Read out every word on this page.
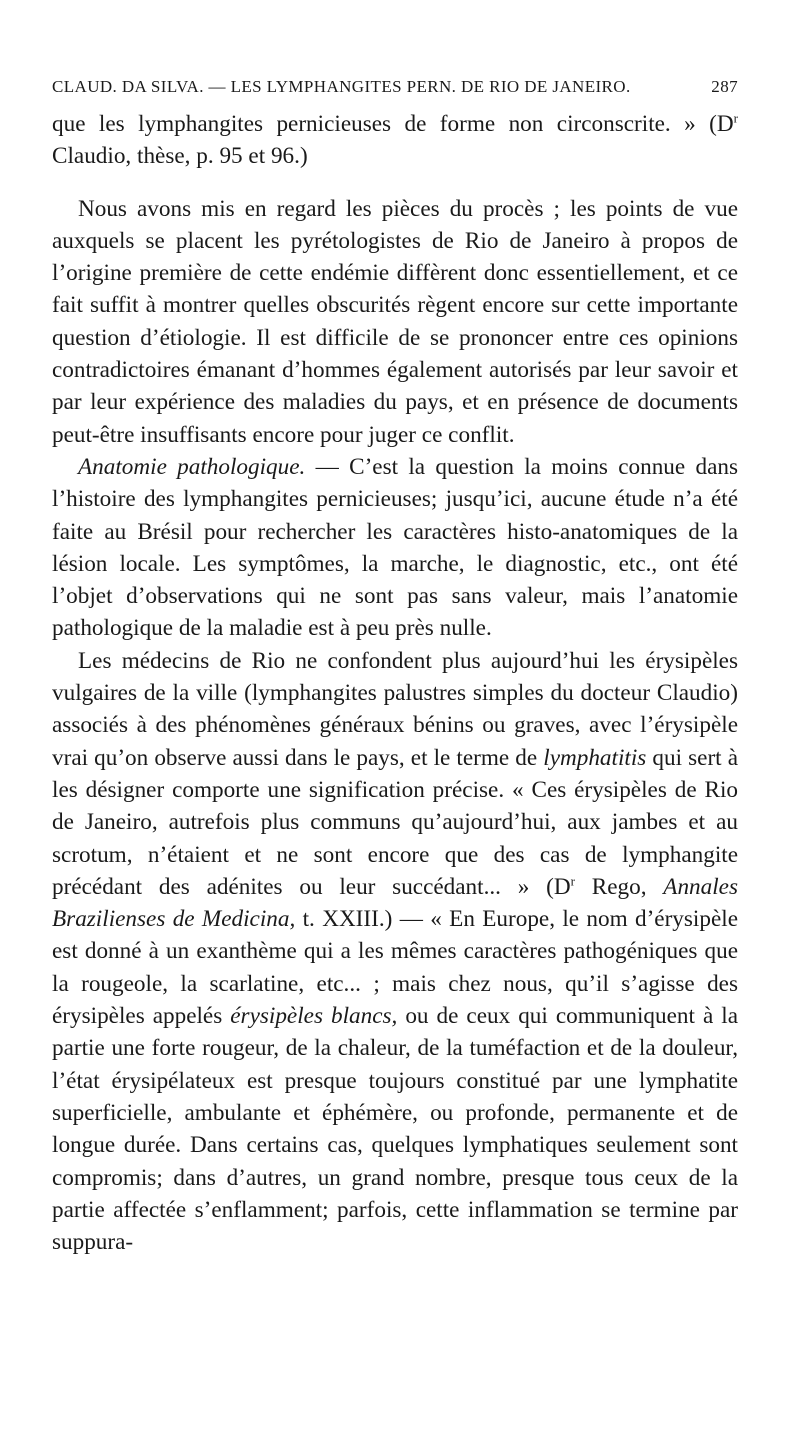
CLAUD. DA SILVA. — LES LYMPHANGITES PERN. DE RIO DE JANEIRO.	287

que les lymphangites pernicieuses de forme non circonscrite. » ($D^r$ Claudio, thèse, p. 95 et 96.)

Nous avons mis en regard les pièces du procès ; les points de vue auxquels se placent les pyrétologistes de Rio de Janeiro à propos de l’origine première de cette endémie diffèrent donc essentiellement, et ce fait suffit à montrer quelles obscurités règent encore sur cette importante question d’étiologie. Il est difficile de se prononcer entre ces opinions contradictoires émanant d’hommes également autorisés par leur savoir et par leur expérience des maladies du pays, et en présence de documents peut-être insuffisants encore pour juger ce conflit.

Anatomie pathologique. — C’est la question la moins connue dans l’histoire des lymphangites pernicieuses; jusqu’ici, aucune étude n’a été faite au Brésil pour rechercher les caractères histo-anatomiques de la lésion locale. Les symptômes, la marche, le diagnostic, etc., ont été l’objet d’observations qui ne sont pas sans valeur, mais l’anatomie pathologique de la maladie est à peu près nulle.

Les médecins de Rio ne confondent plus aujourd’hui les érysipèles vulgaires de la ville (lymphangites palustres simples du docteur Claudio) associés à des phénomènes généraux bénins ou graves, avec l’érysipèle vrai qu’on observe aussi dans le pays, et le terme de lymphatitis qui sert à les désigner comporte une signification précise. « Ces érysipèles de Rio de Janeiro, autrefois plus communs qu’aujourd’hui, aux jambes et au scrotum, n’étaient et ne sont encore que des cas de lymphangite précédant des adénites ou leur succédant... » ($D^r$ Rego, Annales Brazilienses de Medicina, t. XXIII.) — « En Europe, le nom d’érysipèle est donné à un exanthème qui a les mêmes caractères pathogéniques que la rougeole, la scarlatine, etc... ; mais chez nous, qu’il s’agisse des érysipèles appelés érysipèles blancs, ou de ceux qui communiquent à la partie une forte rougeur, de la chaleur, de la tuméfaction et de la douleur, l’état érysipélateux est presque toujours constitué par une lymphatite superficielle, ambulante et éphémère, ou profonde, permanente et de longue durée. Dans certains cas, quelques lymphatiques seulement sont compromis; dans d’autres, un grand nombre, presque tous ceux de la partie affectée s’enflamment; parfois, cette inflammation se termine par suppura-
